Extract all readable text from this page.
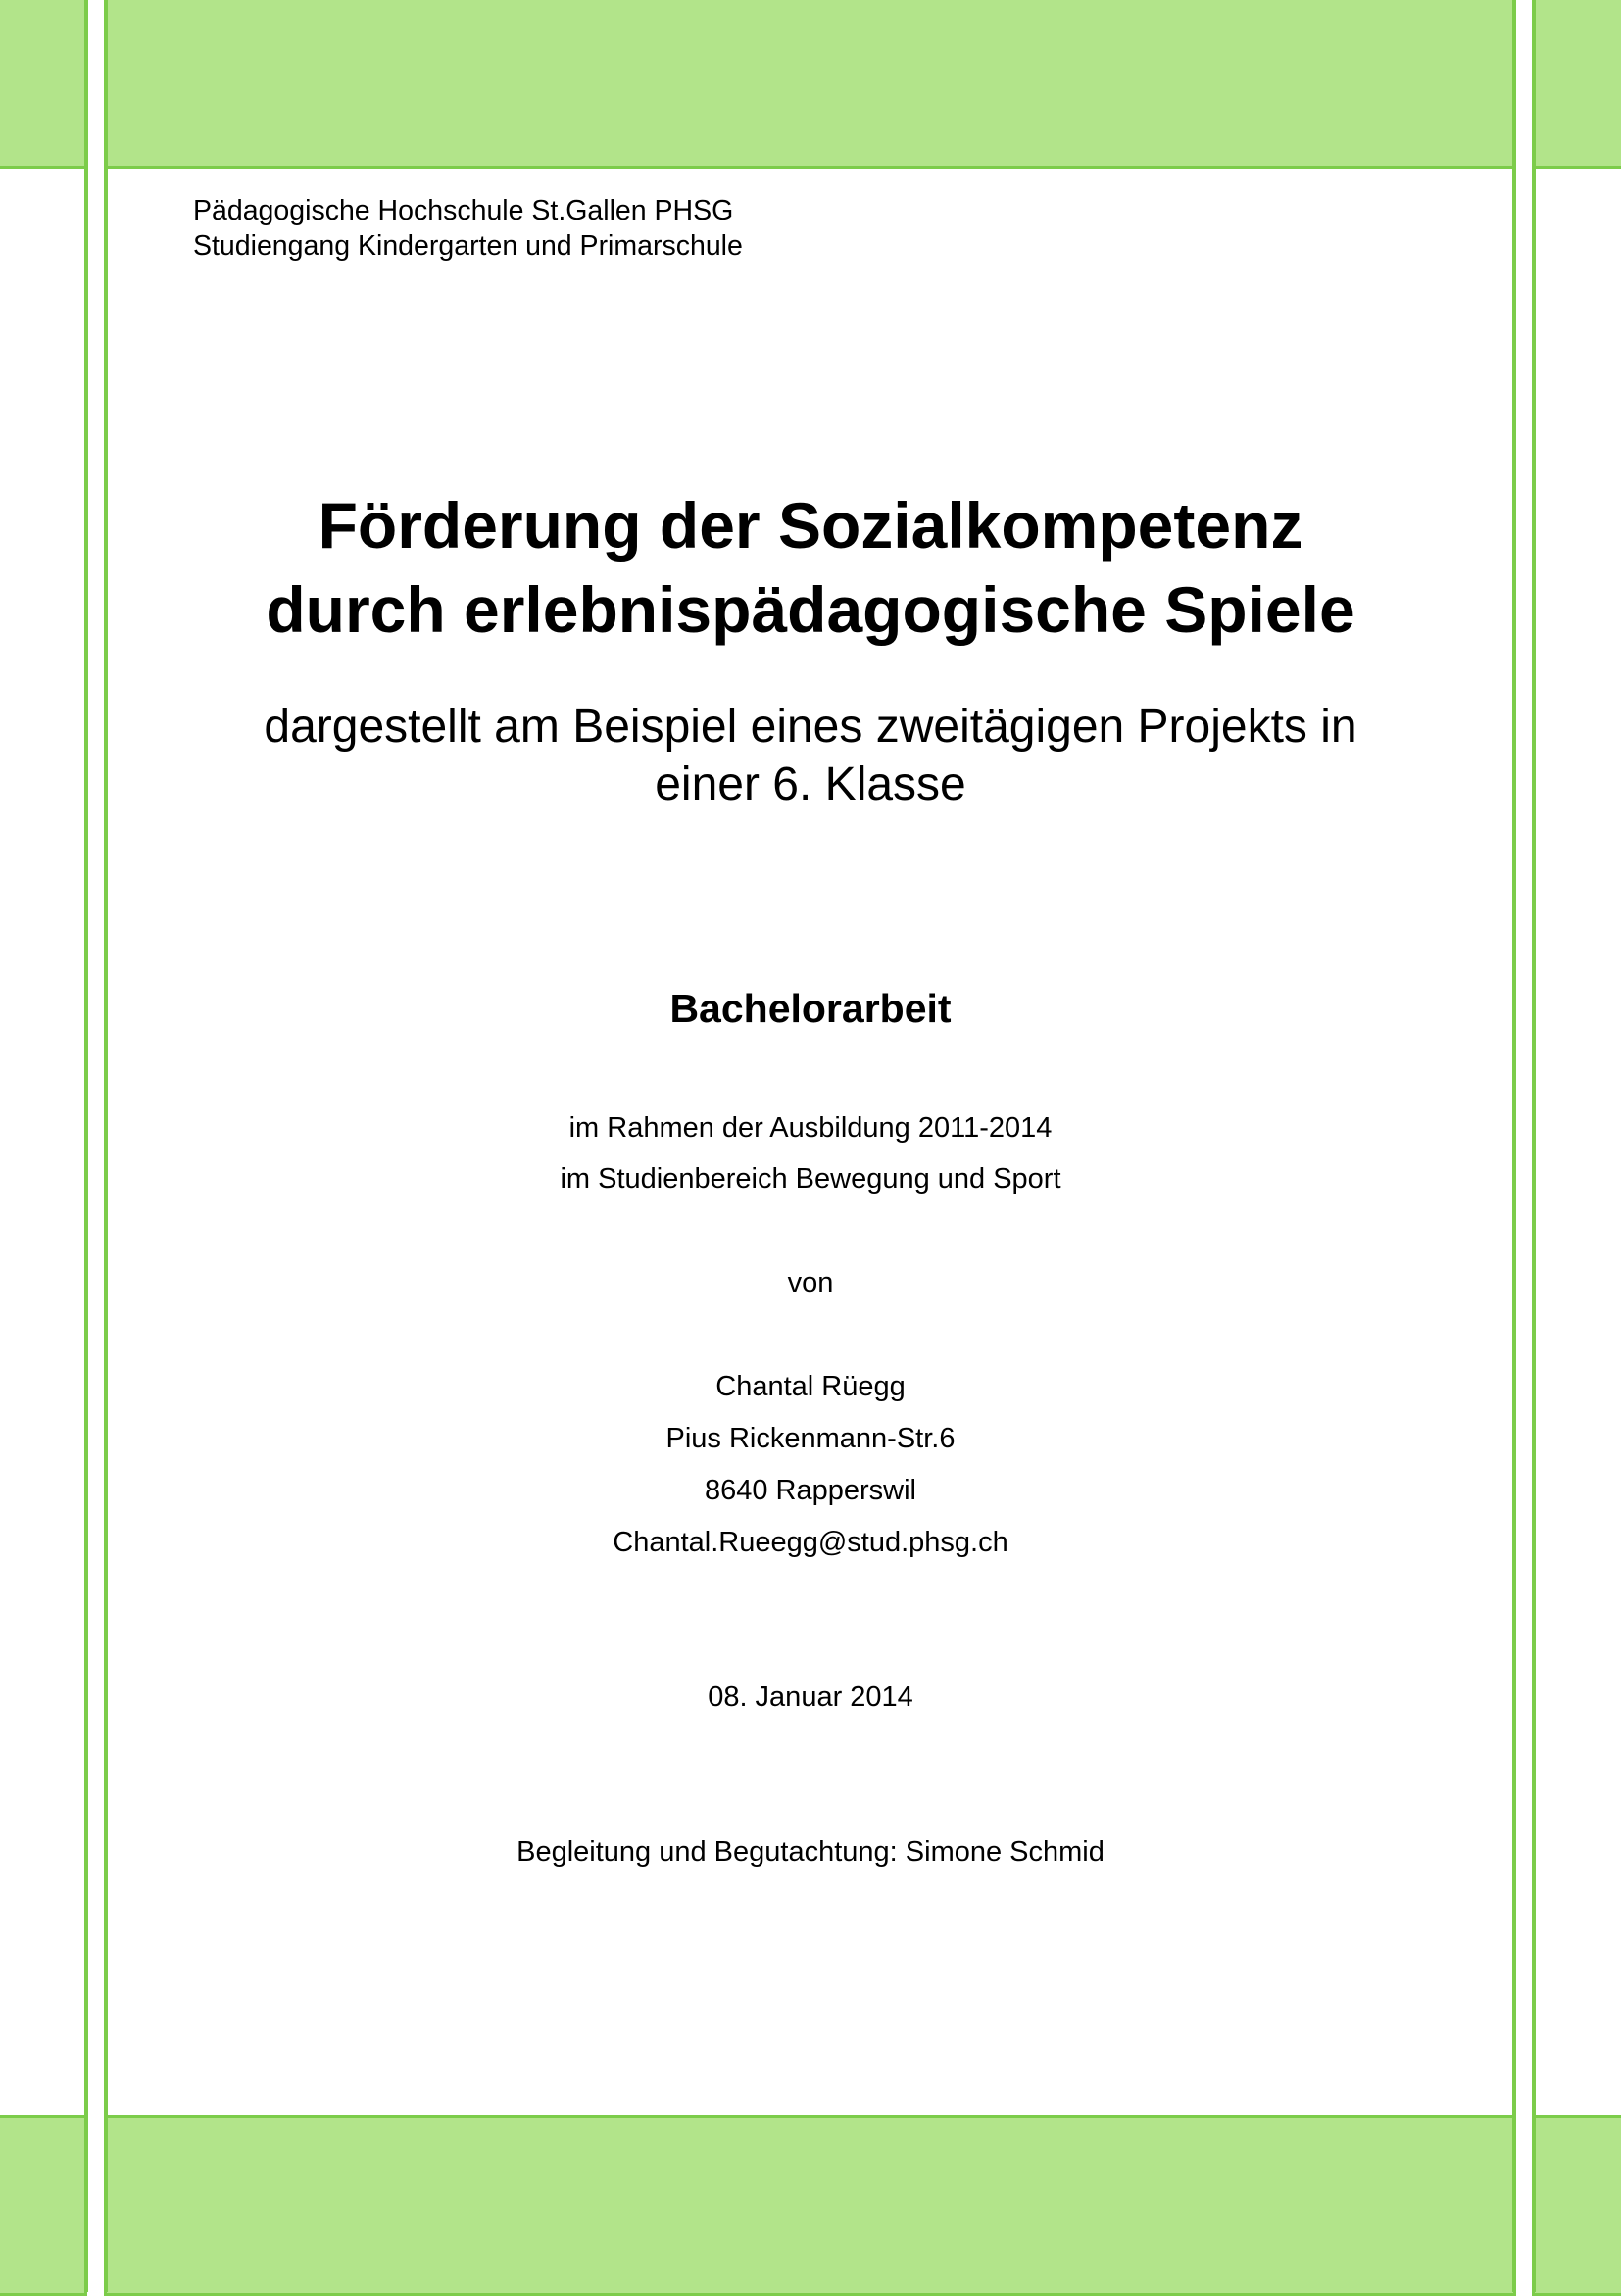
Pädagogische Hochschule St.Gallen PHSG
Studiengang Kindergarten und Primarschule
Förderung der Sozialkompetenz
durch erlebnispädagogische Spiele
dargestellt am Beispiel eines zweitägigen Projekts in
einer 6. Klasse
Bachelorarbeit
im Rahmen der Ausbildung 2011-2014
im Studienbereich Bewegung und Sport
von
Chantal Rüegg
Pius Rickenmann-Str.6
8640 Rapperswil
Chantal.Rueegg@stud.phsg.ch
08. Januar 2014
Begleitung und Begutachtung: Simone Schmid
